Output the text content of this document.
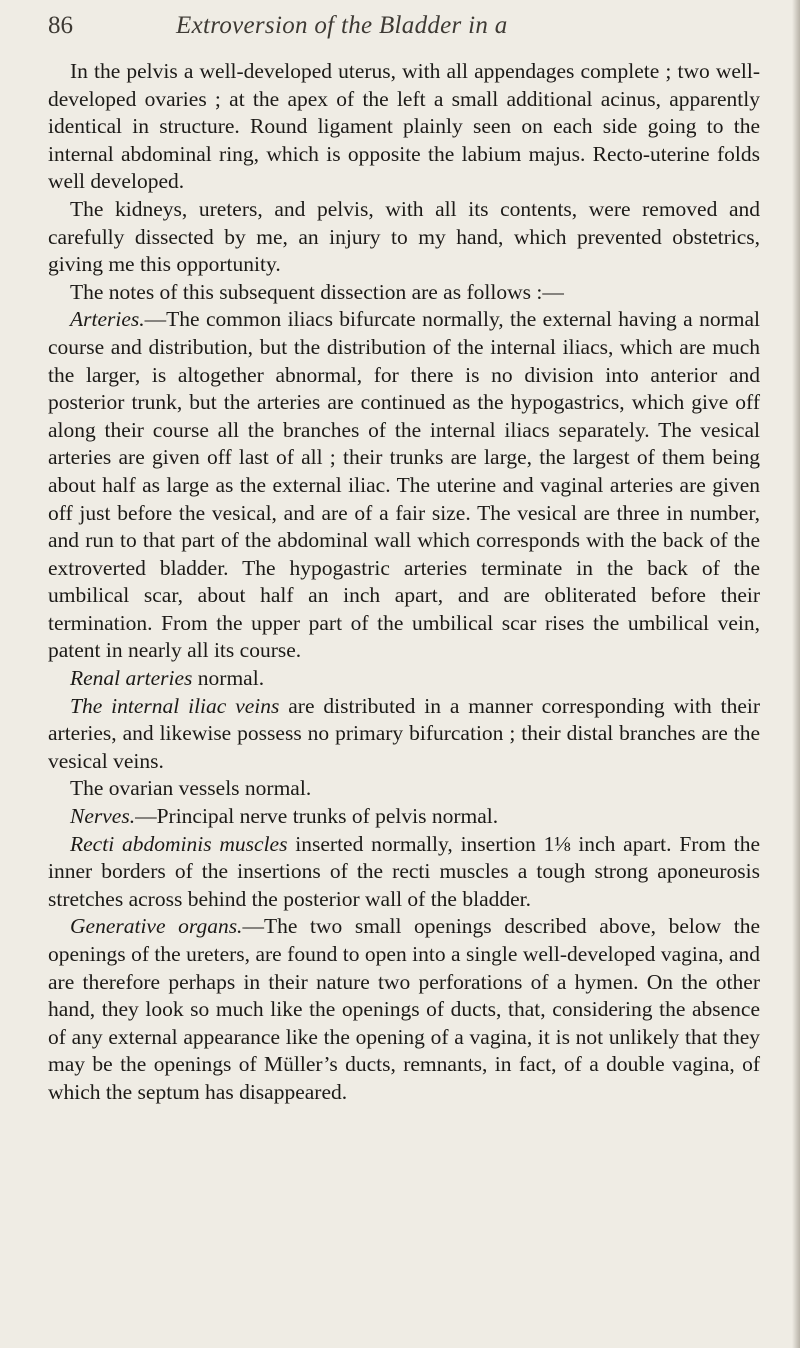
86	Extroversion of the Bladder in a

In the pelvis a well-developed uterus, with all appendages complete ; two well-developed ovaries ; at the apex of the left a small additional acinus, apparently identical in structure. Round ligament plainly seen on each side going to the internal abdominal ring, which is opposite the labium majus. Recto-uterine folds well developed.

The kidneys, ureters, and pelvis, with all its contents, were removed and carefully dissected by me, an injury to my hand, which prevented obstetrics, giving me this opportunity.

The notes of this subsequent dissection are as follows :—

Arteries.—The common iliacs bifurcate normally, the external having a normal course and distribution, but the distribution of the internal iliacs, which are much the larger, is altogether abnormal, for there is no division into anterior and posterior trunk, but the arteries are continued as the hypogastrics, which give off along their course all the branches of the internal iliacs separately. The vesical arteries are given off last of all ; their trunks are large, the largest of them being about half as large as the external iliac. The uterine and vaginal arteries are given off just before the vesical, and are of a fair size. The vesical are three in number, and run to that part of the abdominal wall which corresponds with the back of the extroverted bladder. The hypogastric arteries terminate in the back of the umbilical scar, about half an inch apart, and are obliterated before their termination. From the upper part of the umbilical scar rises the umbilical vein, patent in nearly all its course.

Renal arteries normal.

The internal iliac veins are distributed in a manner corresponding with their arteries, and likewise possess no primary bifurcation ; their distal branches are the vesical veins.

The ovarian vessels normal.

Nerves.—Principal nerve trunks of pelvis normal.

Recti abdominis muscles inserted normally, insertion 1⅛ inch apart. From the inner borders of the insertions of the recti muscles a tough strong aponeurosis stretches across behind the posterior wall of the bladder.

Generative organs.—The two small openings described above, below the openings of the ureters, are found to open into a single well-developed vagina, and are therefore perhaps in their nature two perforations of a hymen. On the other hand, they look so much like the openings of ducts, that, considering the absence of any external appearance like the opening of a vagina, it is not unlikely that they may be the openings of Müller’s ducts, remnants, in fact, of a double vagina, of which the septum has disappeared.
